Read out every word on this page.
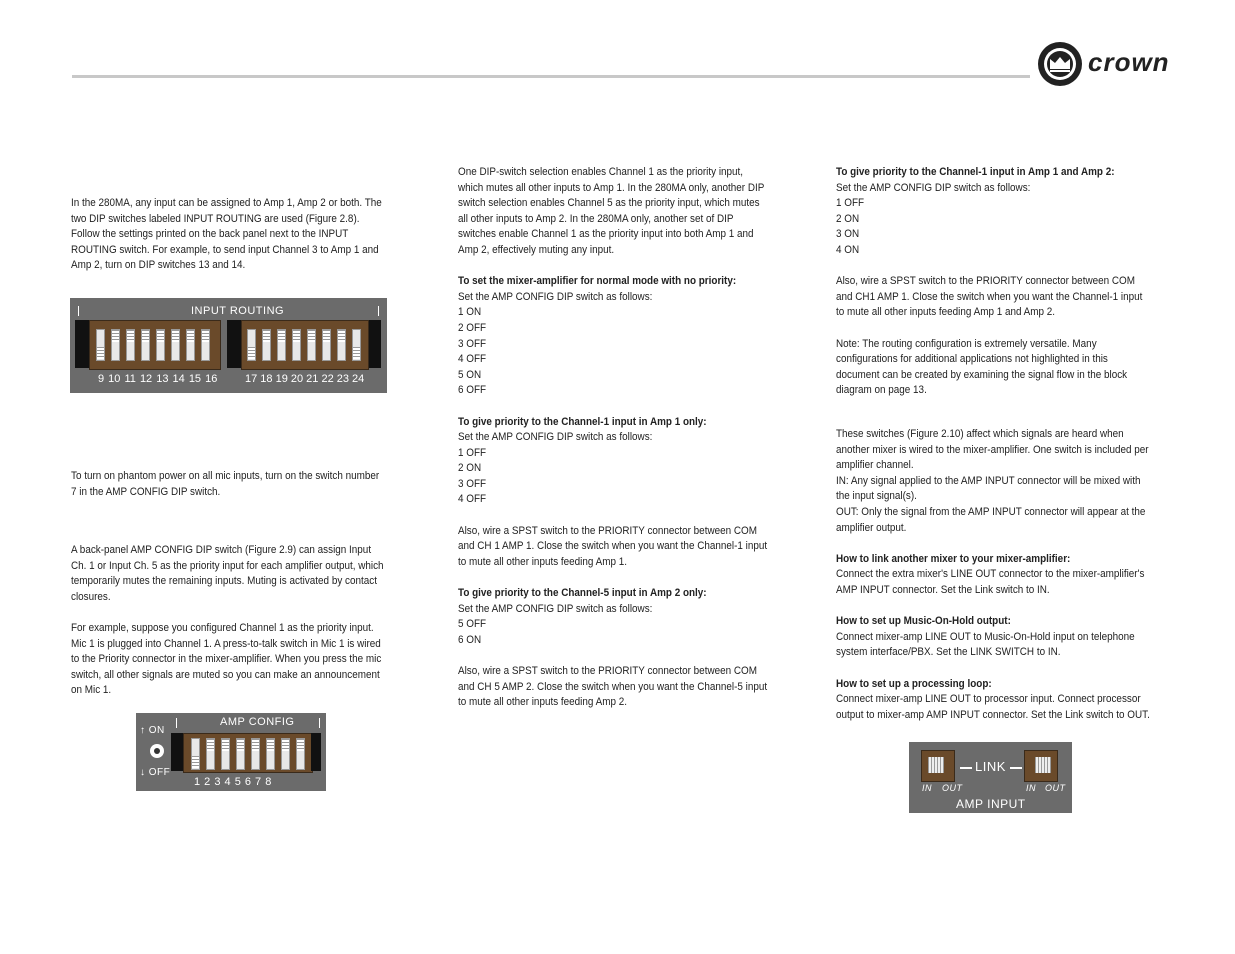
crown

In the 280MA, any input can be assigned to Amp 1, Amp 2 or both. The two DIP switches labeled INPUT ROUTING are used (Figure 2.8). Follow the settings printed on the back panel next to the INPUT ROUTING switch. For example, to send input Channel 3 to Amp 1 and Amp 2, turn on DIP switches 13 and 14.

INPUT ROUTING
9 10 11 12 13 14 15 16	17 18 19 20 21 22 23 24

To turn on phantom power on all mic inputs, turn on the switch number 7 in the AMP CONFIG DIP switch.

A back-panel AMP CONFIG DIP switch (Figure 2.9) can assign Input Ch. 1 or Input Ch. 5 as the priority input for each amplifier output, which temporarily mutes the remaining inputs. Muting is activated by contact closures.

For example, suppose you configured Channel 1 as the priority input. Mic 1 is plugged into Channel 1. A press-to-talk switch in Mic 1 is wired to the Priority connector in the mixer-amplifier. When you press the mic switch, all other signals are muted so you can make an announcement on Mic 1.

↑ ON
↓ OFF
AMP CONFIG
1 2 3 4 5 6 7 8

One DIP-switch selection enables Channel 1 as the priority input, which mutes all other inputs to Amp 1. In the 280MA only, another DIP switch selection enables Channel 5 as the priority input, which mutes all other inputs to Amp 2. In the 280MA only, another set of DIP switches enable Channel 1 as the priority input into both Amp 1 and Amp 2, effectively muting any input.

To set the mixer-amplifier for normal mode with no priority:
Set the AMP CONFIG DIP switch as follows:
1 ON
2 OFF
3 OFF
4 OFF
5 ON
6 OFF
To give priority to the Channel-1 input in Amp 1 only:
Set the AMP CONFIG DIP switch as follows:
1 OFF
2 ON
3 OFF
4 OFF

Also, wire a SPST switch to the PRIORITY connector between COM and CH 1 AMP 1. Close the switch when you want the Channel-1 input to mute all other inputs feeding Amp 1.

To give priority to the Channel-5 input in Amp 2 only:
Set the AMP CONFIG DIP switch as follows:
5 OFF
6 ON

Also, wire a SPST switch to the PRIORITY connector between COM and CH 5 AMP 2. Close the switch when you want the Channel-5 input to mute all other inputs feeding Amp 2.

To give priority to the Channel-1 input in Amp 1 and Amp 2:
Set the AMP CONFIG DIP switch as follows:
1 OFF
2 ON
3 ON
4 ON

Also, wire a SPST switch to the PRIORITY connector between COM and CH1 AMP 1. Close the switch when you want the Channel-1 input to mute all other inputs feeding Amp 1 and Amp 2.

Note: The routing configuration is extremely versatile. Many configurations for additional applications not highlighted in this document can be created by examining the signal flow in the block diagram on page 13.

These switches (Figure 2.10) affect which signals are heard when another mixer is wired to the mixer-amplifier. One switch is included per amplifier channel.
IN: Any signal applied to the AMP INPUT connector will be mixed with the input signal(s).
OUT: Only the signal from the AMP INPUT connector will appear at the amplifier output.
How to link another mixer to your mixer-amplifier:

Connect the extra mixer's LINE OUT connector to the mixer-amplifier's AMP INPUT connector. Set the Link switch to IN.

How to set up Music-On-Hold output:

Connect mixer-amp LINE OUT to Music-On-Hold input on telephone system interface/PBX. Set the LINK SWITCH to IN.

How to set up a processing loop:

Connect mixer-amp LINE OUT to processor input. Connect processor output to mixer-amp AMP INPUT connector. Set the Link switch to OUT.

LINK
IN OUT	IN OUT
AMP INPUT
